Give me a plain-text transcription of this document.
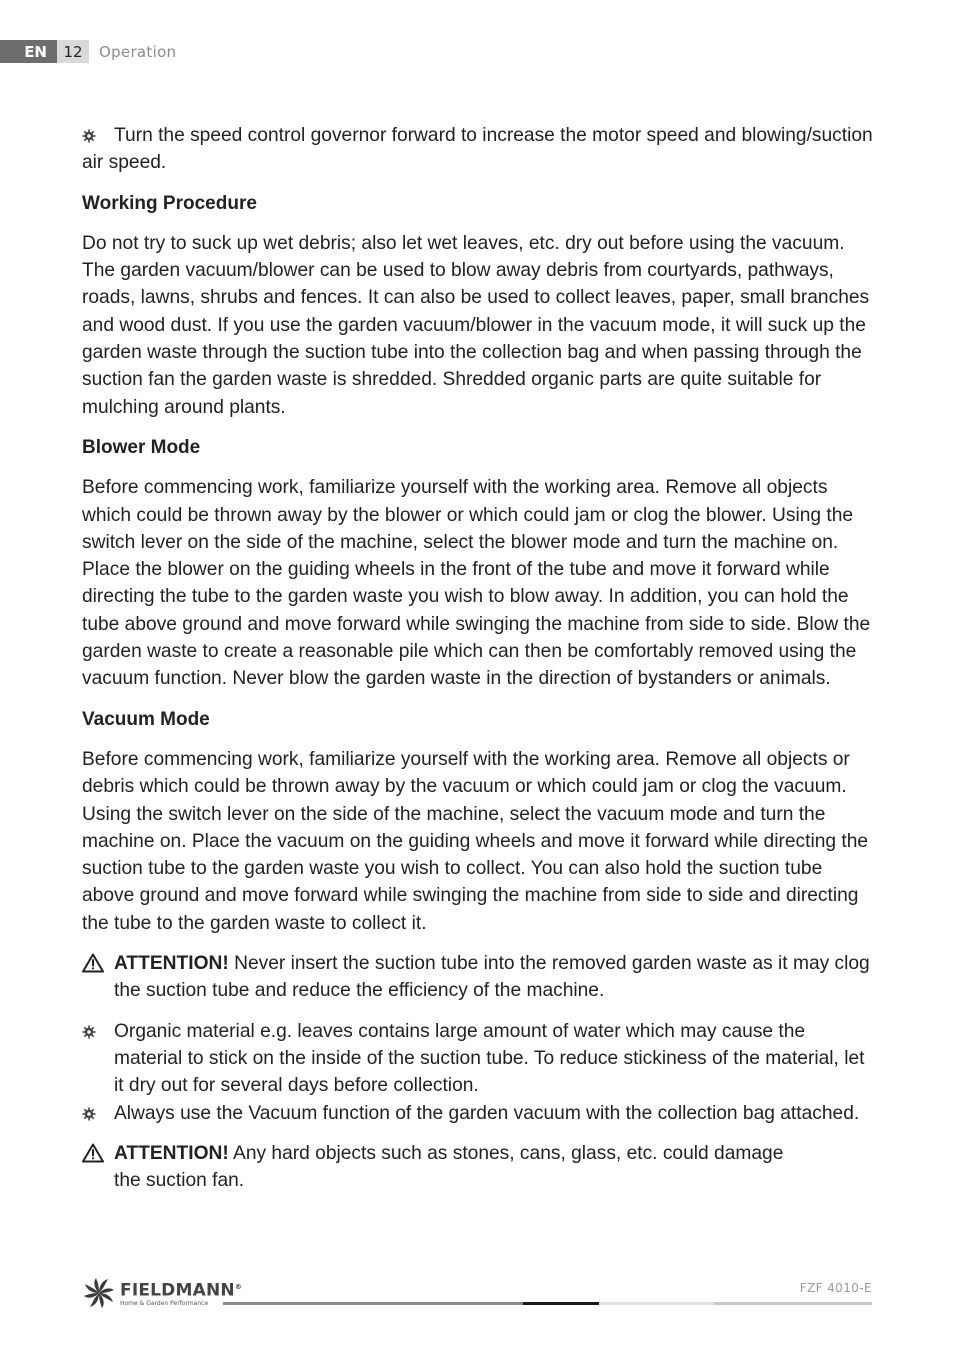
EN	12	Operation

Turn the speed control governor forward to increase the motor speed and blowing/suction air speed.

Working Procedure

Do not try to suck up wet debris; also let wet leaves, etc. dry out before using the vacuum. The garden vacuum/blower can be used to blow away debris from courtyards, pathways, roads, lawns, shrubs and fences. It can also be used to collect leaves, paper, small branches and wood dust. If you use the garden vacuum/blower in the vacuum mode, it will suck up the garden waste through the suction tube into the collection bag and when passing through the suction fan the garden waste is shredded. Shredded organic parts are quite suitable for mulching around plants.

Blower Mode

Before commencing work, familiarize yourself with the working area. Remove all objects which could be thrown away by the blower or which could jam or clog the blower. Using the switch lever on the side of the machine, select the blower mode and turn the machine on. Place the blower on the guiding wheels in the front of the tube and move it forward while directing the tube to the garden waste you wish to blow away. In addition, you can hold the tube above ground and move forward while swinging the machine from side to side. Blow the garden waste to create a reasonable pile which can then be comfortably removed using the vacuum function. Never blow the garden waste in the direction of bystanders or animals.

Vacuum Mode

Before commencing work, familiarize yourself with the working area. Remove all objects or debris which could be thrown away by the vacuum or which could jam or clog the vacuum. Using the switch lever on the side of the machine, select the vacuum mode and turn the machine on. Place the vacuum on the guiding wheels and move it forward while directing the suction tube to the garden waste you wish to collect. You can also hold the suction tube above ground and move forward while swinging the machine from side to side and directing the tube to the garden waste to collect it.

ATTENTION! Never insert the suction tube into the removed garden waste as it may clog the suction tube and reduce the efficiency of the machine.

Organic material e.g. leaves contains large amount of water which may cause the material to stick on the inside of the suction tube. To reduce stickiness of the material, let it dry out for several days before collection.

Always use the Vacuum function of the garden vacuum with the collection bag attached.

ATTENTION! Any hard objects such as stones, cans, glass, etc. could damage
the suction fan.

FIELDMANN®
Home & Garden Performance
FZF 4010-E
